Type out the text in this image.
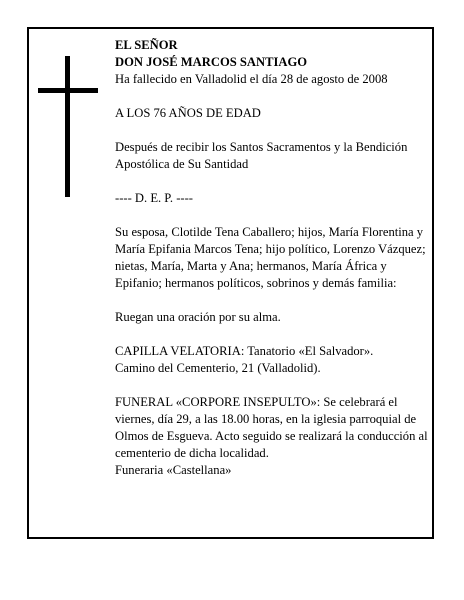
EL SEÑOR

DON JOSÉ MARCOS SANTIAGO

Ha fallecido en Valladolid el día 28 de agosto de 2008

A LOS 76 AÑOS DE EDAD

Después de recibir los Santos Sacramentos y la Bendición Apostólica de Su Santidad

---- D. E. P. ----

Su esposa, Clotilde Tena Caballero; hijos, María Florentina y María Epifania Marcos Tena; hijo político, Lorenzo Vázquez; nietas, María, Marta y Ana; hermanos, María África y Epifanio; hermanos políticos, sobrinos y demás familia:

Ruegan una oración por su alma.

CAPILLA VELATORIA: Tanatorio «El Salvador».

Camino del Cementerio, 21 (Valladolid).

FUNERAL «CORPORE INSEPULTO»: Se celebrará el viernes, día 29, a las 18.00 horas, en la iglesia parroquial de Olmos de Esgueva. Acto seguido se realizará la conducción al cementerio de dicha localidad.

Funeraria «Castellana»
